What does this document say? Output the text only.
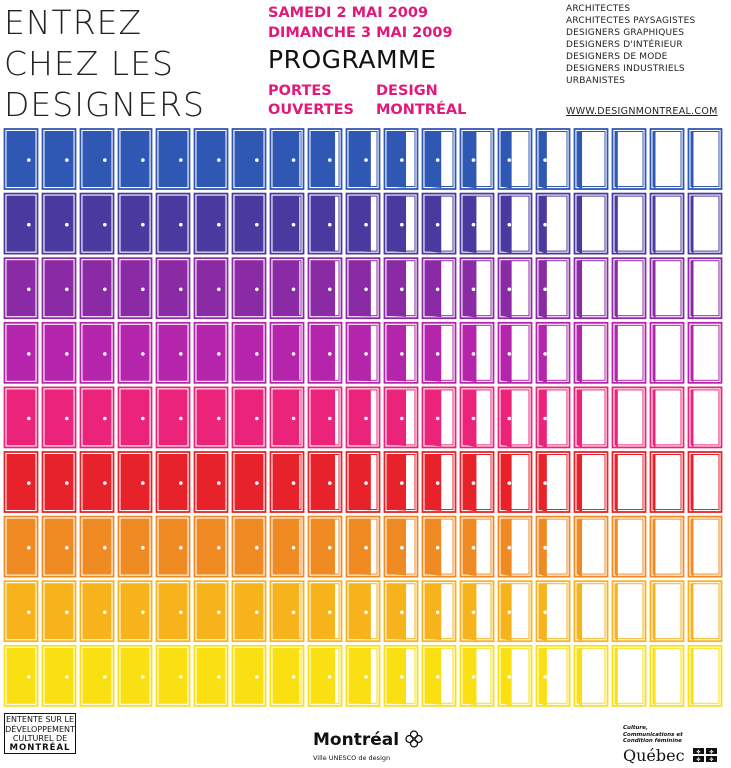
ENTREZ
CHEZ LES
DESIGNERS
SAMEDI 2 MAI 2009
DIMANCHE 3 MAI 2009
PROGRAMME
PORTES
OUVERTES
DESIGN
MONTRÉAL
ARCHITECTES
ARCHITECTES PAYSAGISTES
DESIGNERS GRAPHIQUES
DESIGNERS D'INTÉRIEUR
DESIGNERS DE MODE
DESIGNERS INDUSTRIELS
URBANISTES
WWW.DESIGNMONTREAL.COM
ENTENTE SUR LE
DÉVELOPPEMENT
CULTUREL DE
MONTRÉAL	Montréal
Ville UNESCO de design
Culture,
Communications et
Condition féminine
Québec ✤ ✤
✤ ✤
